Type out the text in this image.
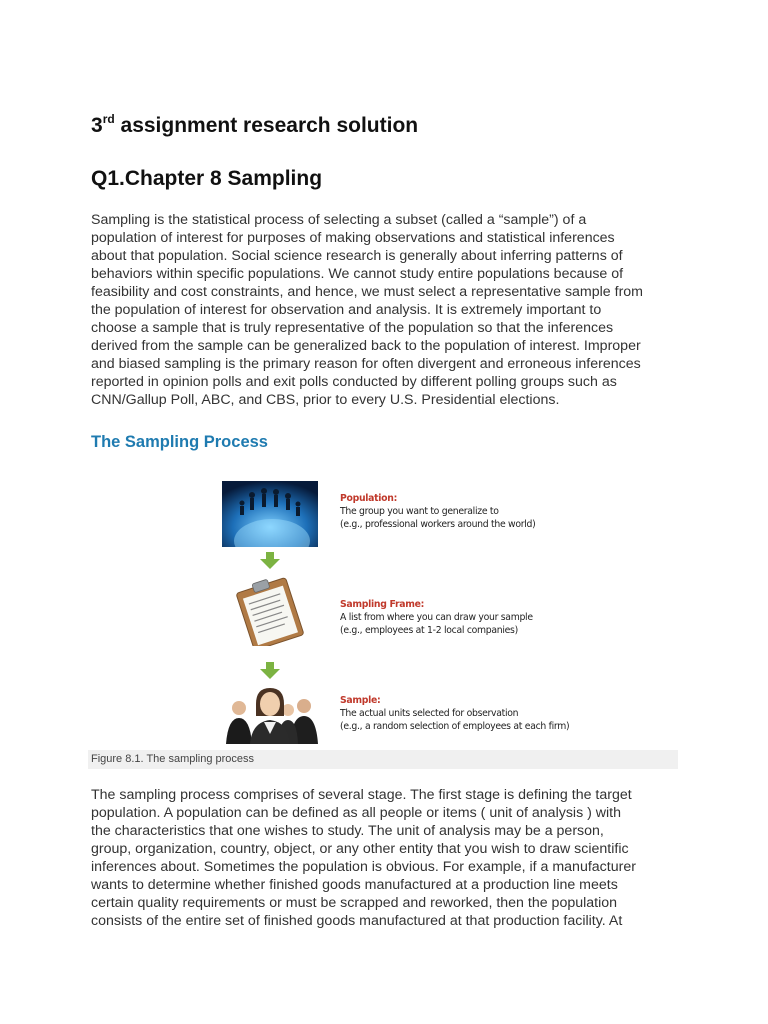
3rd assignment research solution
Q1.Chapter 8 Sampling
Sampling is the statistical process of selecting a subset (called a “sample”) of a
population of interest for purposes of making observations and statistical inferences
about that population. Social science research is generally about inferring patterns of
behaviors within specific populations. We cannot study entire populations because of
feasibility and cost constraints, and hence, we must select a representative sample from
the population of interest for observation and analysis. It is extremely important to
choose a sample that is truly representative of the population so that the inferences
derived from the sample can be generalized back to the population of interest. Improper
and biased sampling is the primary reason for often divergent and erroneous inferences
reported in opinion polls and exit polls conducted by different polling groups such as
CNN/Gallup Poll, ABC, and CBS, prior to every U.S. Presidential elections.
The Sampling Process
Population:
The group you want to generalize to
(e.g., professional workers around the world)
Sampling Frame:
A list from where you can draw your sample
(e.g., employees at 1-2 local companies)
Sample:
The actual units selected for observation
(e.g., a random selection of employees at each firm)
Figure 8.1. The sampling process
The sampling process comprises of several stage. The first stage is defining the target
population. A population can be defined as all people or items ( unit of analysis ) with
the characteristics that one wishes to study. The unit of analysis may be a person,
group, organization, country, object, or any other entity that you wish to draw scientific
inferences about. Sometimes the population is obvious. For example, if a manufacturer
wants to determine whether finished goods manufactured at a production line meets
certain quality requirements or must be scrapped and reworked, then the population
consists of the entire set of finished goods manufactured at that production facility. At
